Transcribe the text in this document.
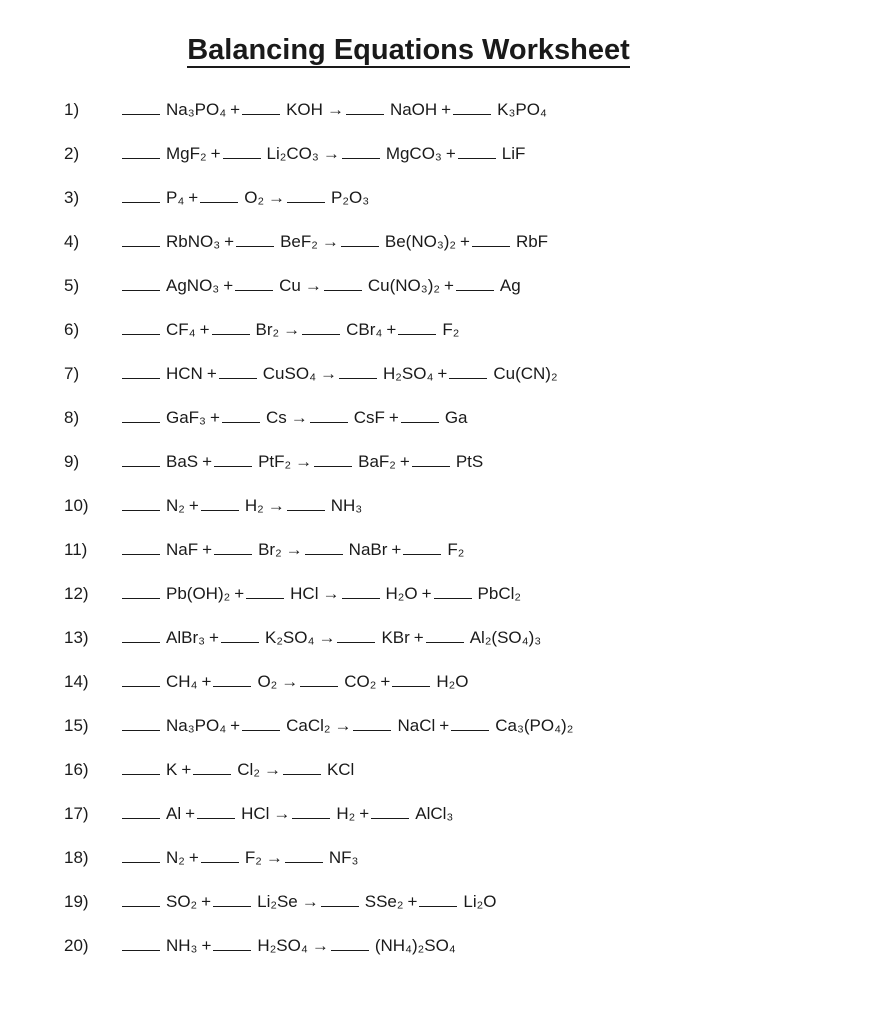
Balancing Equations Worksheet
1)	Na₃PO₄ +	KOH →	NaOH +	K₃PO₄
2)	MgF₂ +	Li₂CO₃ →	MgCO₃ +	LiF
3)	P₄ +	O₂ →	P₂O₃
4)	RbNO₃ +	BeF₂ →	Be(NO₃)₂ +	RbF
5)	AgNO₃ +	Cu →	Cu(NO₃)₂ +	Ag
6)	CF₄ +	Br₂ →	CBr₄ +	F₂
7)	HCN +	CuSO₄ →	H₂SO₄ +	Cu(CN)₂
8)	GaF₃ +	Cs →	CsF +	Ga
9)	BaS +	PtF₂ →	BaF₂ +	PtS
10)	N₂ +	H₂ →	NH₃
11)	NaF +	Br₂ →	NaBr +	F₂
12)	Pb(OH)₂ +	HCl →	H₂O +	PbCl₂
13)	AlBr₃ +	K₂SO₄ →	KBr +	Al₂(SO₄)₃
14)	CH₄ +	O₂ →	CO₂ +	H₂O
15)	Na₃PO₄ +	CaCl₂ →	NaCl +	Ca₃(PO₄)₂
16)	K +	Cl₂ →	KCl
17)	Al +	HCl →	H₂ +	AlCl₃
18)	N₂ +	F₂ →	NF₃
19)	SO₂ +	Li₂Se →	SSe₂ +	Li₂O
20)	NH₃ +	H₂SO₄ →	(NH₄)₂SO₄
